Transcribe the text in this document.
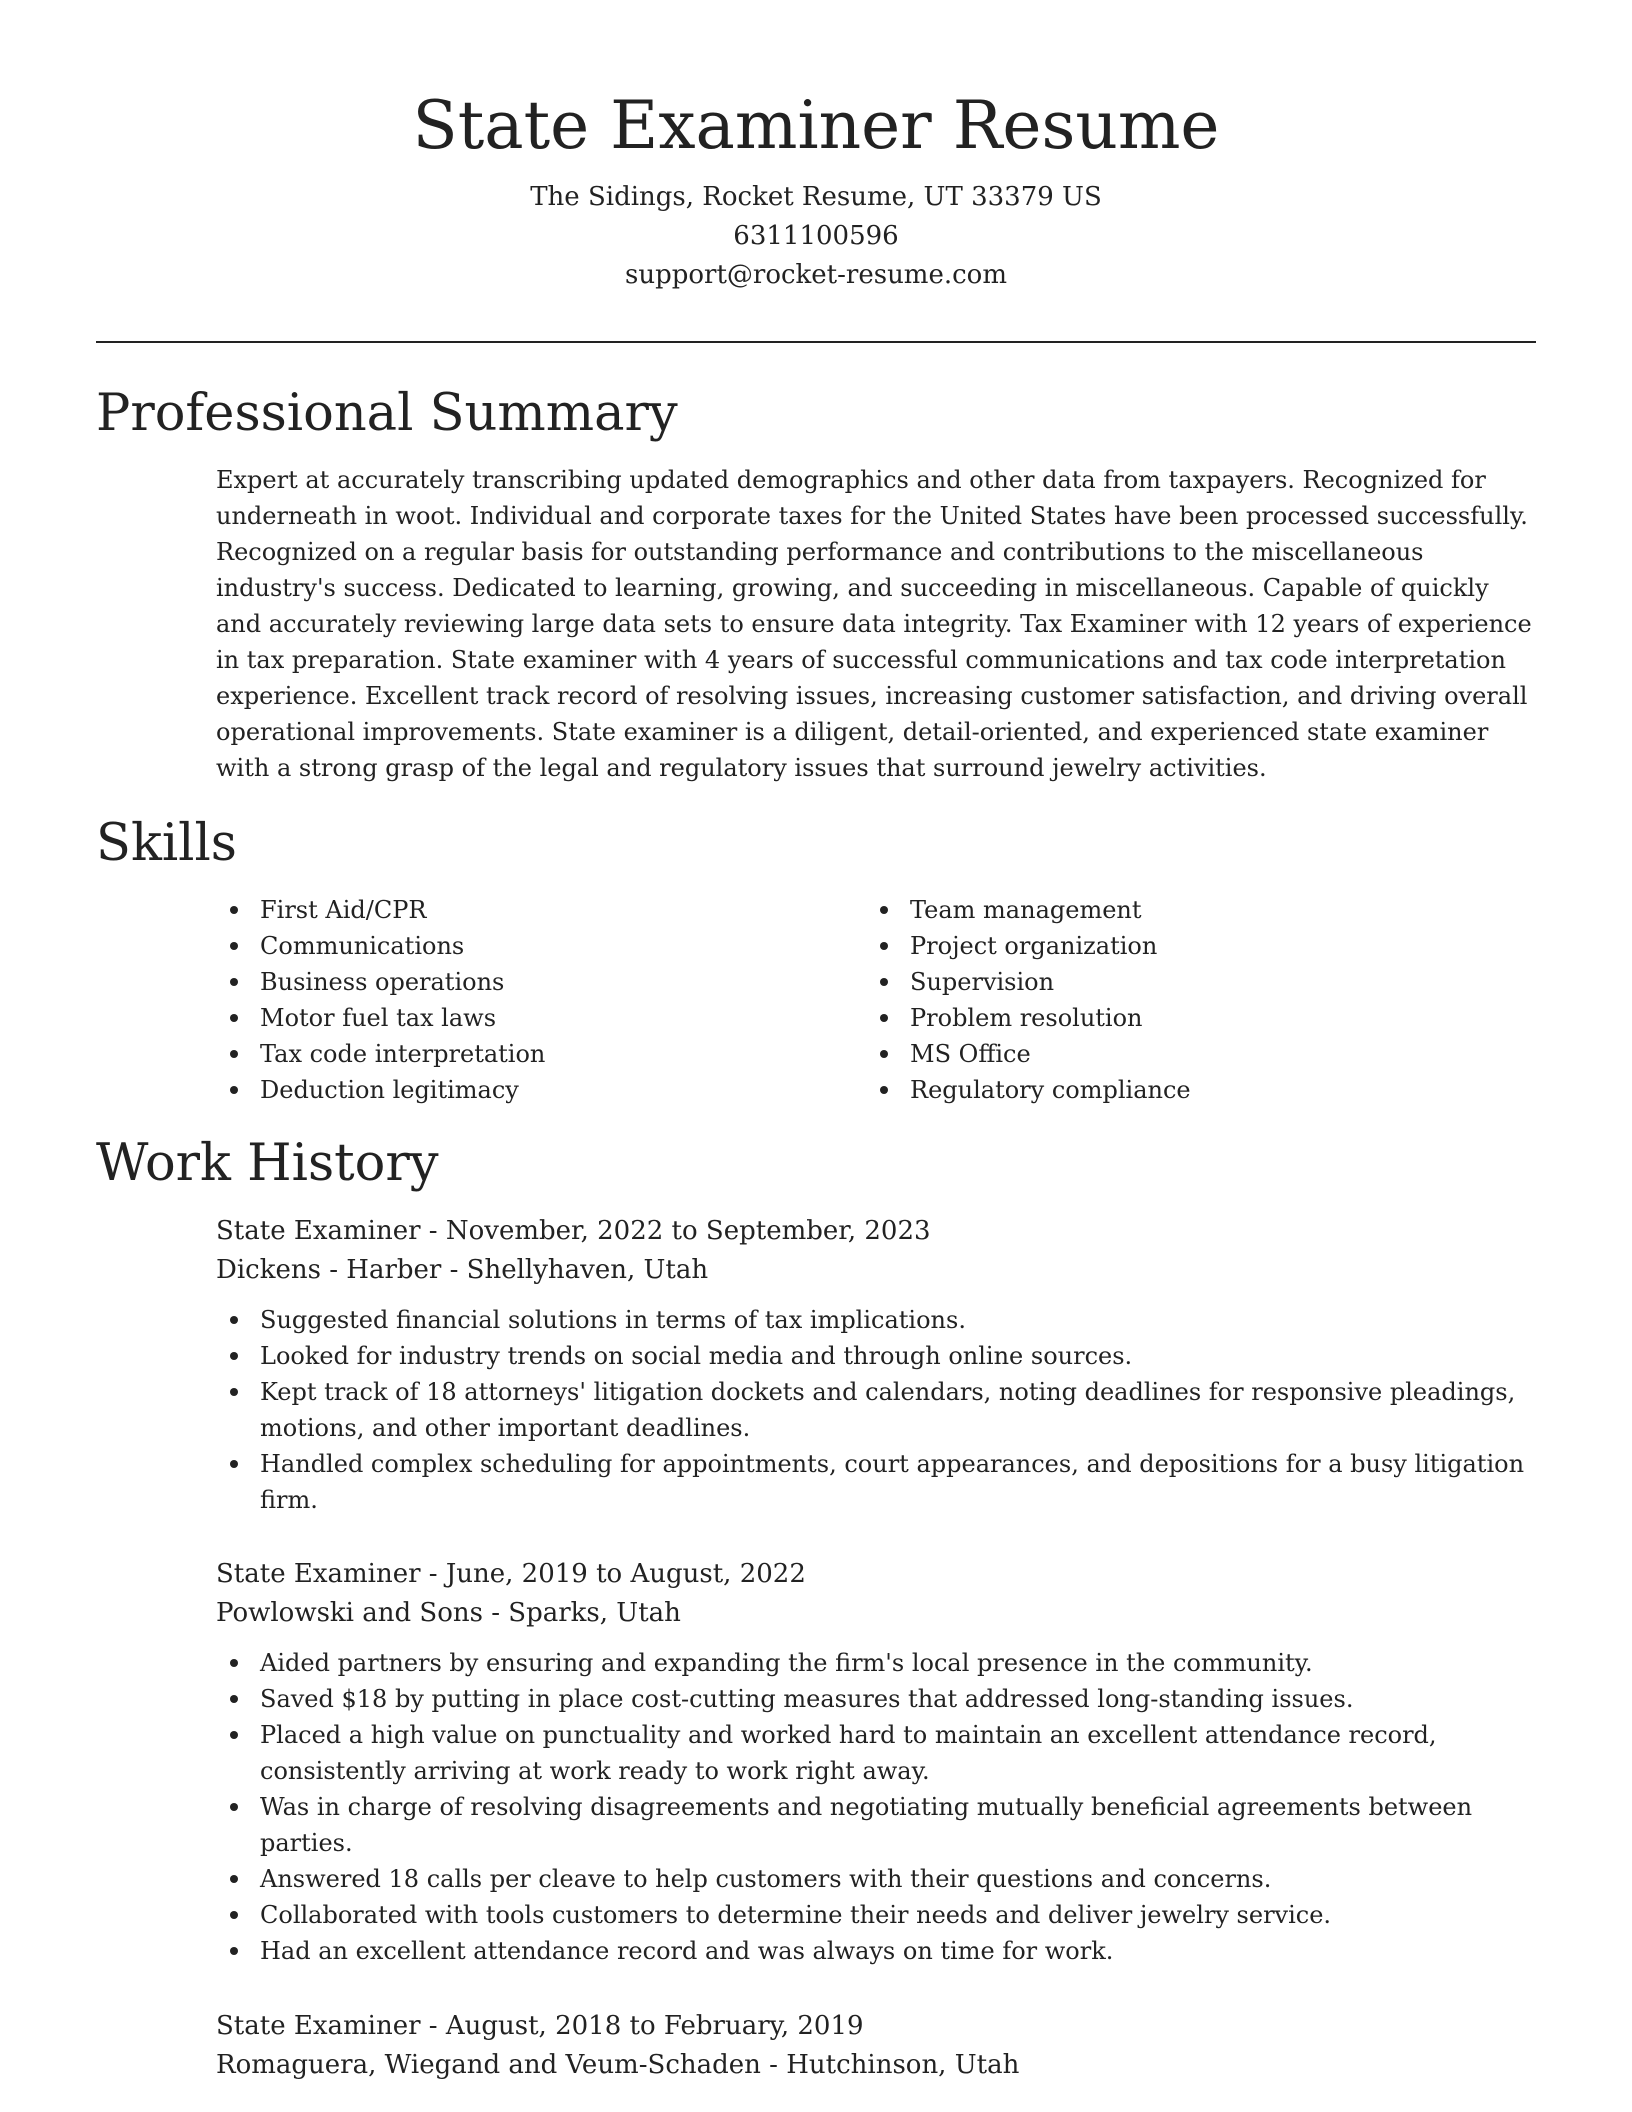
State Examiner Resume
The Sidings, Rocket Resume, UT 33379 US
6311100596
support@rocket-resume.com
Professional Summary

Expert at accurately transcribing updated demographics and other data from taxpayers. Recognized for underneath in woot. Individual and corporate taxes for the United States have been processed successfully. Recognized on a regular basis for outstanding performance and contributions to the miscellaneous industry's success. Dedicated to learning, growing, and succeeding in miscellaneous. Capable of quickly and accurately reviewing large data sets to ensure data integrity. Tax Examiner with 12 years of experience in tax preparation. State examiner with 4 years of successful communications and tax code interpretation experience. Excellent track record of resolving issues, increasing customer satisfaction, and driving overall operational improvements. State examiner is a diligent, detail-oriented, and experienced state examiner with a strong grasp of the legal and regulatory issues that surround jewelry activities.

Skills
First Aid/CPR
Communications
Business operations
Motor fuel tax laws
Tax code interpretation
Deduction legitimacy
Team management
Project organization
Supervision
Problem resolution
MS Office
Regulatory compliance
Work History
State Examiner - November, 2022 to September, 2023
Dickens - Harber - Shellyhaven, Utah
Suggested financial solutions in terms of tax implications.
Looked for industry trends on social media and through online sources.
Kept track of 18 attorneys' litigation dockets and calendars, noting deadlines for responsive pleadings, motions, and other important deadlines.
Handled complex scheduling for appointments, court appearances, and depositions for a busy litigation firm.
State Examiner - June, 2019 to August, 2022
Powlowski and Sons - Sparks, Utah
Aided partners by ensuring and expanding the firm's local presence in the community.
Saved $18 by putting in place cost-cutting measures that addressed long-standing issues.
Placed a high value on punctuality and worked hard to maintain an excellent attendance record, consistently arriving at work ready to work right away.
Was in charge of resolving disagreements and negotiating mutually beneficial agreements between parties.
Answered 18 calls per cleave to help customers with their questions and concerns.
Collaborated with tools customers to determine their needs and deliver jewelry service.
Had an excellent attendance record and was always on time for work.
State Examiner - August, 2018 to February, 2019
Romaguera, Wiegand and Veum-Schaden - Hutchinson, Utah
